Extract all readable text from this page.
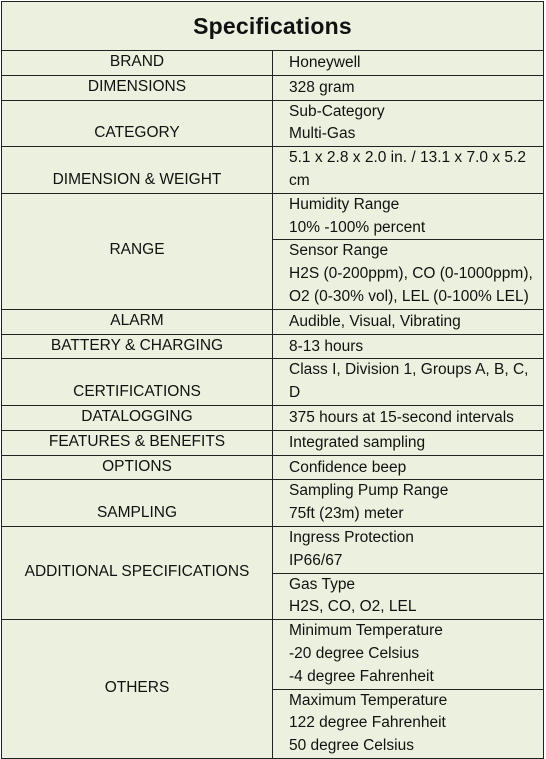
Specifications	
BRAND	Honeywell
DIMENSIONS	328 gram
CATEGORY	Sub-Category
Multi-Gas

DIMENSION & WEIGHT	5.1 x 2.8 x 2.0 in. / 13.1 x 7.0 x 5.2 cm
RANGE	Humidity Range
10% -100% percent

	Sensor Range
H2S (0-200ppm), CO (0-1000ppm), O2 (0-30% vol), LEL (0-100% LEL)

ALARM	Audible, Visual, Vibrating
BATTERY & CHARGING	8-13 hours
CERTIFICATIONS	Class I, Division 1, Groups A, B, C, D
DATALOGGING	375 hours at 15-second intervals
FEATURES & BENEFITS	Integrated sampling
OPTIONS	Confidence beep
SAMPLING	Sampling Pump Range
75ft (23m) meter

ADDITIONAL SPECIFICATIONS	Ingress Protection
IP66/67

	Gas Type
H2S, CO, O2, LEL

OTHERS	Minimum Temperature
-20 degree Celsius
-4 degree Fahrenheit

	Maximum Temperature
122 degree Fahrenheit
50 degree Celsius
